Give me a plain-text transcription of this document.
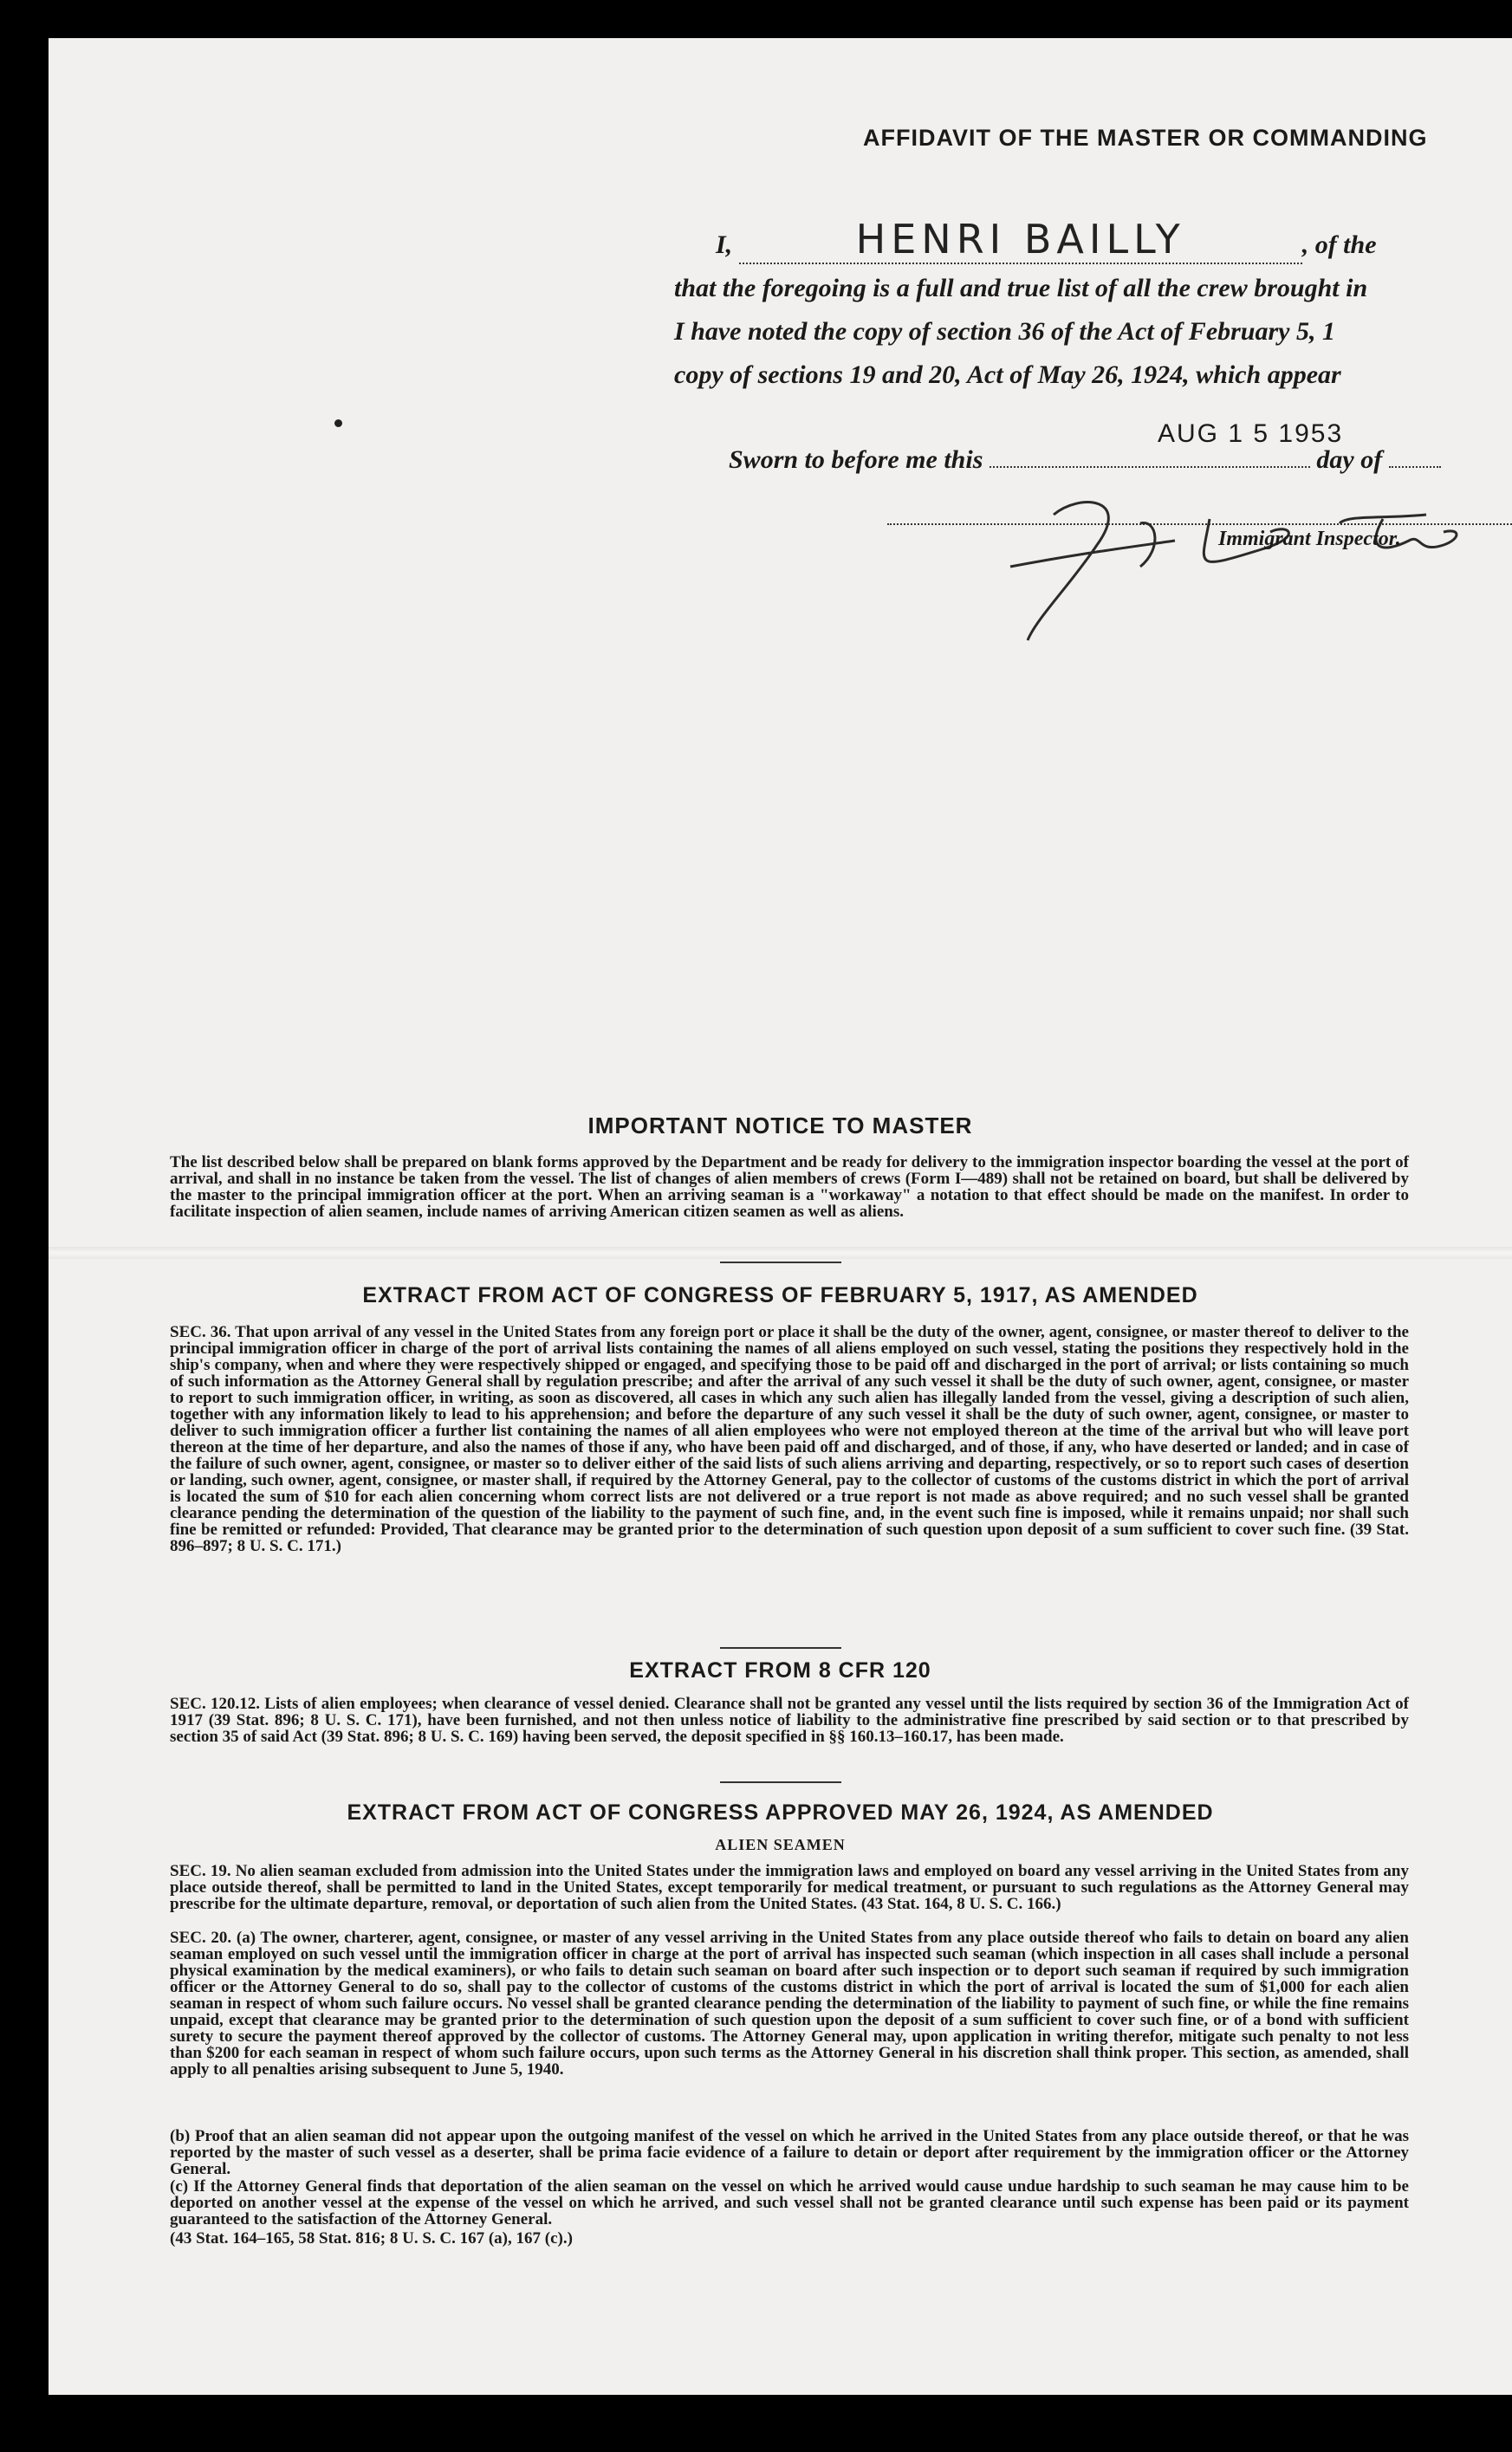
AFFIDAVIT OF THE MASTER OR COMMANDING
I,	HENRI BAILLY	, of the
that the foregoing is a full and true list of all the crew brought in
I have noted the copy of section 36 of the Act of February 5, 1
copy of sections 19 and 20, Act of May 26, 1924, which appear
Sworn to before me this	day of
AUG 1 5 1953
Immigrant Inspector.
IMPORTANT NOTICE TO MASTER
The list described below shall be prepared on blank forms approved by the Department and be ready for delivery to the immigration inspector boarding the vessel at the port of arrival, and shall in no instance be taken from the vessel. The list of changes of alien members of crews (Form I—489) shall not be retained on board, but shall be delivered by the master to the principal immigration officer at the port. When an arriving seaman is a "workaway" a notation to that effect should be made on the manifest. In order to facilitate inspection of alien seamen, include names of arriving American citizen seamen as well as aliens.
EXTRACT FROM ACT OF CONGRESS OF FEBRUARY 5, 1917, AS AMENDED
SEC. 36. That upon arrival of any vessel in the United States from any foreign port or place it shall be the duty of the owner, agent, consignee, or master thereof to deliver to the principal immigration officer in charge of the port of arrival lists containing the names of all aliens employed on such vessel, stating the positions they respectively hold in the ship's company, when and where they were respectively shipped or engaged, and specifying those to be paid off and discharged in the port of arrival; or lists containing so much of such information as the Attorney General shall by regulation prescribe; and after the arrival of any such vessel it shall be the duty of such owner, agent, consignee, or master to report to such immigration officer, in writing, as soon as discovered, all cases in which any such alien has illegally landed from the vessel, giving a description of such alien, together with any information likely to lead to his apprehension; and before the departure of any such vessel it shall be the duty of such owner, agent, consignee, or master to deliver to such immigration officer a further list containing the names of all alien employees who were not employed thereon at the time of the arrival but who will leave port thereon at the time of her departure, and also the names of those if any, who have been paid off and discharged, and of those, if any, who have deserted or landed; and in case of the failure of such owner, agent, consignee, or master so to deliver either of the said lists of such aliens arriving and departing, respectively, or so to report such cases of desertion or landing, such owner, agent, consignee, or master shall, if required by the Attorney General, pay to the collector of customs of the customs district in which the port of arrival is located the sum of $10 for each alien concerning whom correct lists are not delivered or a true report is not made as above required; and no such vessel shall be granted clearance pending the determination of the question of the liability to the payment of such fine, and, in the event such fine is imposed, while it remains unpaid; nor shall such fine be remitted or refunded: Provided, That clearance may be granted prior to the determination of such question upon deposit of a sum sufficient to cover such fine. (39 Stat. 896–897; 8 U. S. C. 171.)
EXTRACT FROM 8 CFR 120
SEC. 120.12. Lists of alien employees; when clearance of vessel denied. Clearance shall not be granted any vessel until the lists required by section 36 of the Immigration Act of 1917 (39 Stat. 896; 8 U. S. C. 171), have been furnished, and not then unless notice of liability to the administrative fine prescribed by said section or to that prescribed by section 35 of said Act (39 Stat. 896; 8 U. S. C. 169) having been served, the deposit specified in §§ 160.13–160.17, has been made.
EXTRACT FROM ACT OF CONGRESS APPROVED MAY 26, 1924, AS AMENDED
ALIEN SEAMEN
SEC. 19. No alien seaman excluded from admission into the United States under the immigration laws and employed on board any vessel arriving in the United States from any place outside thereof, shall be permitted to land in the United States, except temporarily for medical treatment, or pursuant to such regulations as the Attorney General may prescribe for the ultimate departure, removal, or deportation of such alien from the United States. (43 Stat. 164, 8 U. S. C. 166.)
SEC. 20. (a) The owner, charterer, agent, consignee, or master of any vessel arriving in the United States from any place outside thereof who fails to detain on board any alien seaman employed on such vessel until the immigration officer in charge at the port of arrival has inspected such seaman (which inspection in all cases shall include a personal physical examination by the medical examiners), or who fails to detain such seaman on board after such inspection or to deport such seaman if required by such immigration officer or the Attorney General to do so, shall pay to the collector of customs of the customs district in which the port of arrival is located the sum of $1,000 for each alien seaman in respect of whom such failure occurs. No vessel shall be granted clearance pending the determination of the liability to payment of such fine, or while the fine remains unpaid, except that clearance may be granted prior to the determination of such question upon the deposit of a sum sufficient to cover such fine, or of a bond with sufficient surety to secure the payment thereof approved by the collector of customs. The Attorney General may, upon application in writing therefor, mitigate such penalty to not less than $200 for each seaman in respect of whom such failure occurs, upon such terms as the Attorney General in his discretion shall think proper. This section, as amended, shall apply to all penalties arising subsequent to June 5, 1940.
(b) Proof that an alien seaman did not appear upon the outgoing manifest of the vessel on which he arrived in the United States from any place outside thereof, or that he was reported by the master of such vessel as a deserter, shall be prima facie evidence of a failure to detain or deport after requirement by the immigration officer or the Attorney General.
(c) If the Attorney General finds that deportation of the alien seaman on the vessel on which he arrived would cause undue hardship to such seaman he may cause him to be deported on another vessel at the expense of the vessel on which he arrived, and such vessel shall not be granted clearance until such expense has been paid or its payment guaranteed to the satisfaction of the Attorney General.
(43 Stat. 164–165, 58 Stat. 816; 8 U. S. C. 167 (a), 167 (c).)
